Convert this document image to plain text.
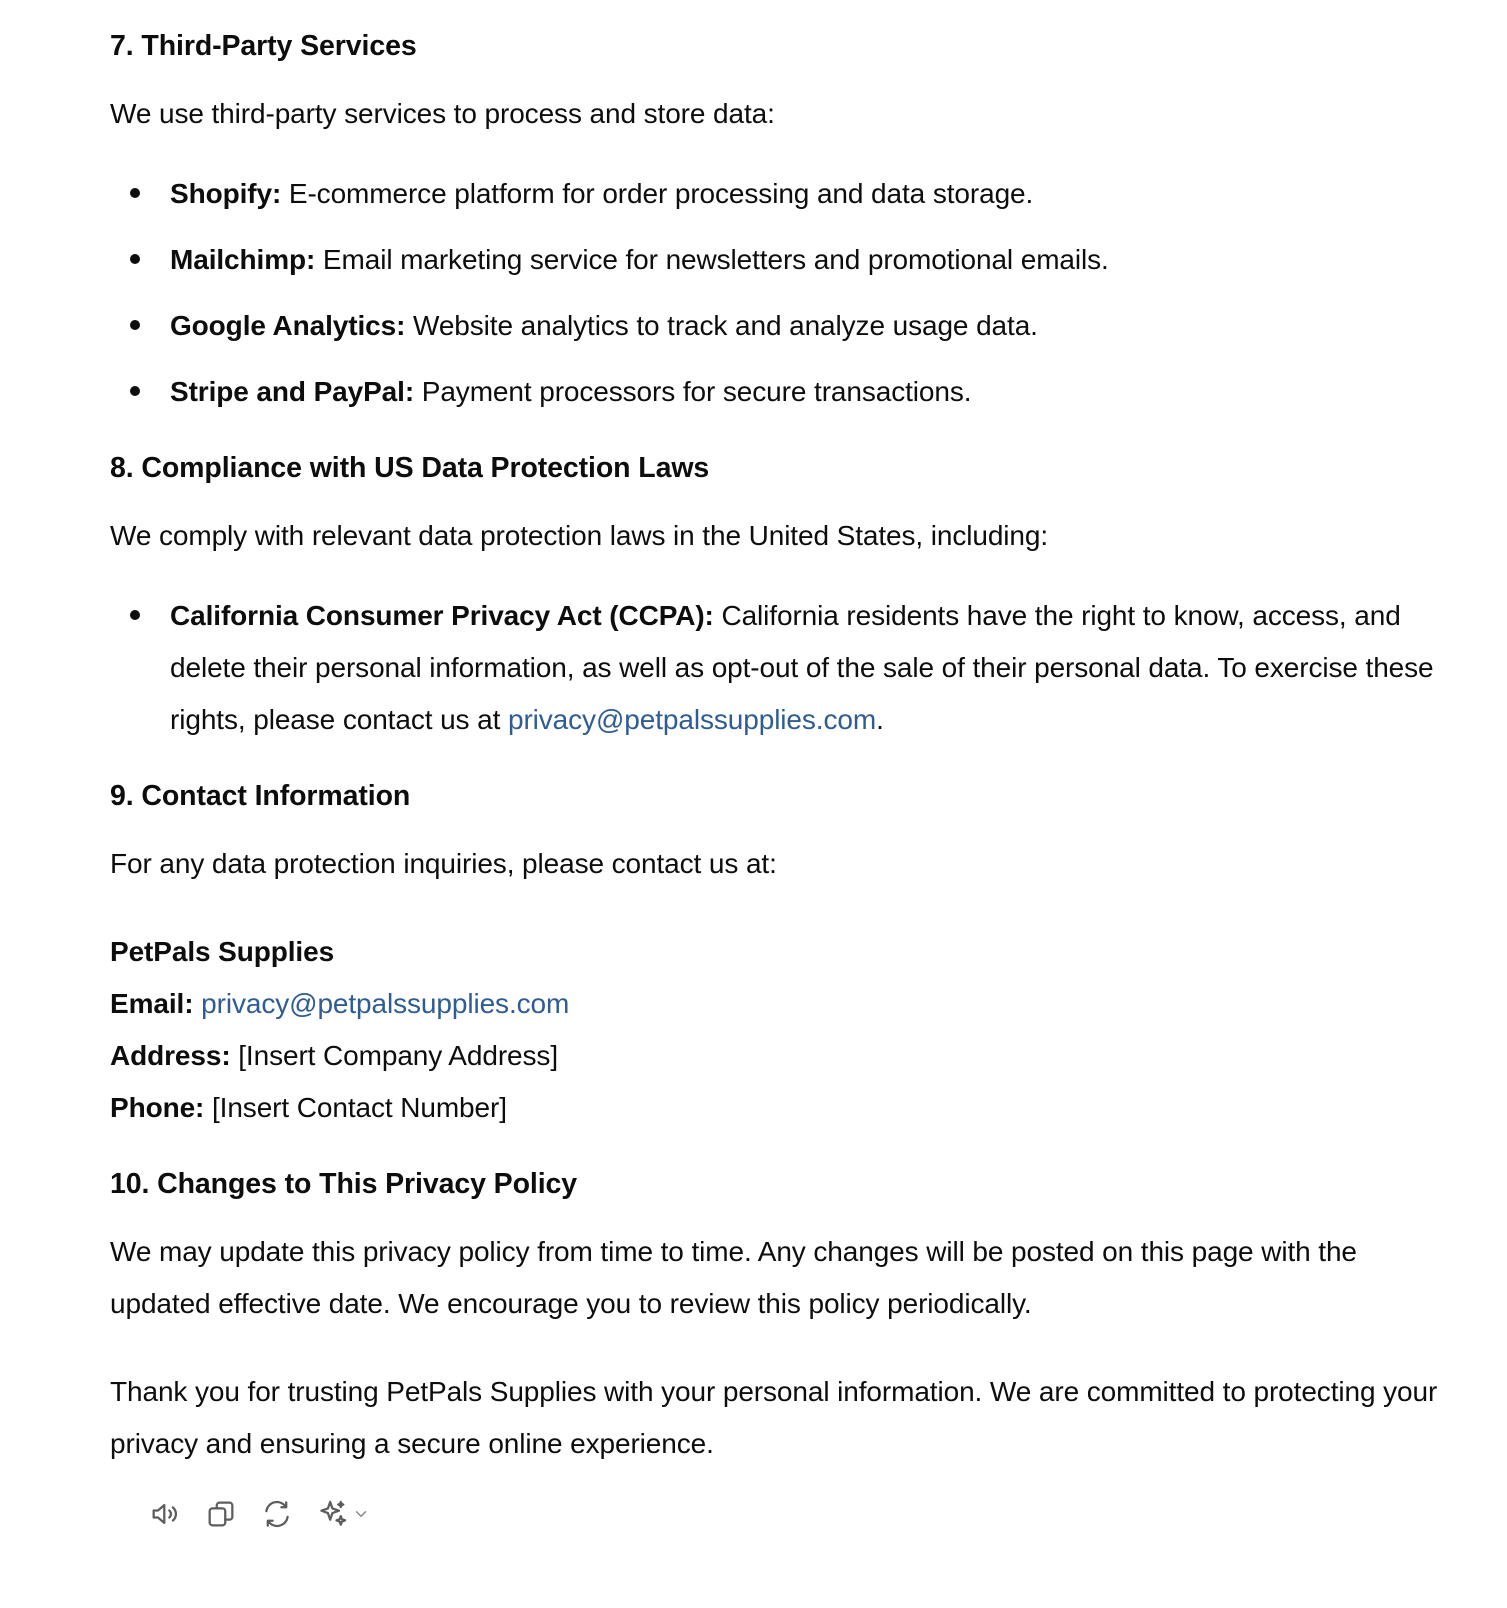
7. Third-Party Services

We use third-party services to process and store data:

Shopify: E-commerce platform for order processing and data storage.
Mailchimp: Email marketing service for newsletters and promotional emails.
Google Analytics: Website analytics to track and analyze usage data.
Stripe and PayPal: Payment processors for secure transactions.
8. Compliance with US Data Protection Laws

We comply with relevant data protection laws in the United States, including:

California Consumer Privacy Act (CCPA): California residents have the right to know, access, and delete their personal information, as well as opt-out of the sale of their personal data. To exercise these rights, please contact us at privacy@petpalssupplies.com.
9. Contact Information

For any data protection inquiries, please contact us at:

PetPals Supplies
Email: privacy@petpalssupplies.com
Address: [Insert Company Address]
Phone: [Insert Contact Number]
10. Changes to This Privacy Policy

We may update this privacy policy from time to time. Any changes will be posted on this page with the updated effective date. We encourage you to review this policy periodically.

Thank you for trusting PetPals Supplies with your personal information. We are committed to protecting your privacy and ensuring a secure online experience.
